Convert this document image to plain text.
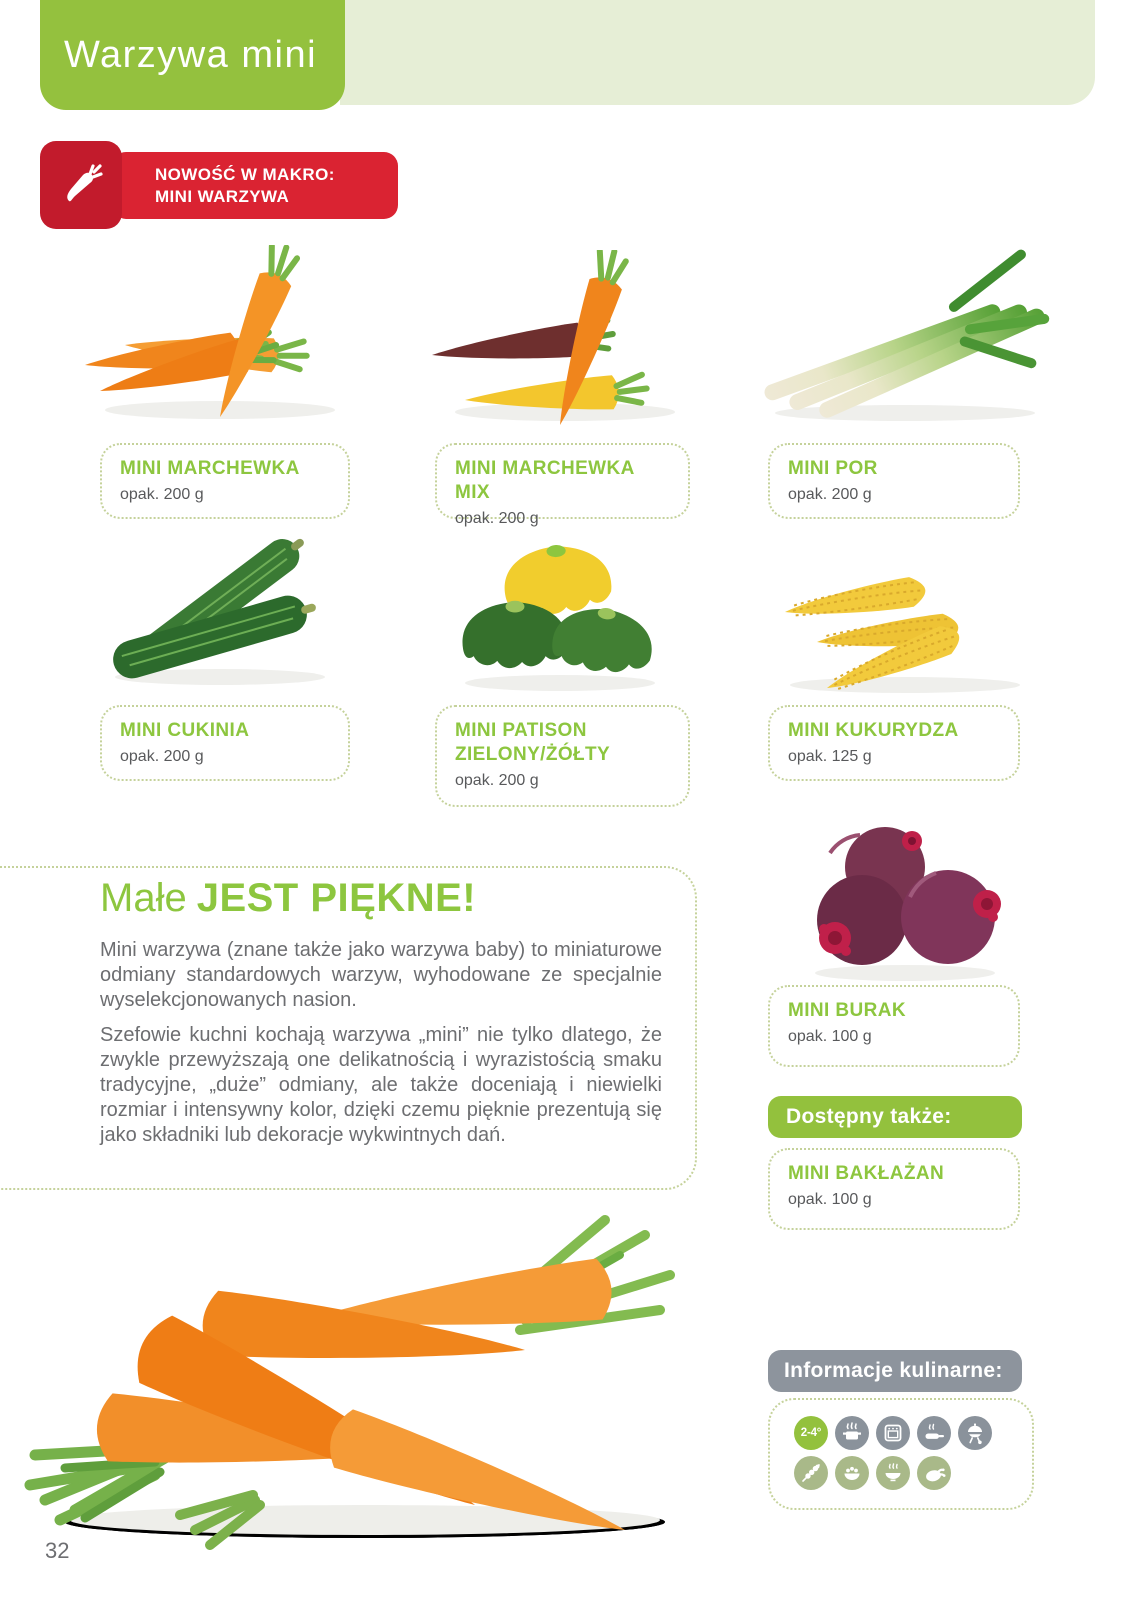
Warzywa mini
NOWOŚĆ W MAKRO:
MINI WARZYWA
MINI MARCHEWKA
opak. 200 g
MINI MARCHEWKA MIX
opak. 200 g
MINI POR
opak. 200 g
MINI CUKINIA
opak. 200 g
MINI PATISON ZIELONY/ŻÓŁTY
opak. 200 g
MINI KUKURYDZA
opak. 125 g
Małe JEST PIĘKNE!

Mini warzywa (znane także jako warzywa baby) to miniaturowe odmiany standardowych warzyw, wyhodowane ze specjalnie wyselekcjonowanych nasion.

Szefowie kuchni kochają warzywa „mini” nie tylko dlatego, że zwykle przewyższają one delikatnością i wyrazistością smaku tradycyjne, „duże” odmiany, ale także doceniają i niewielki rozmiar i intensywny kolor, dzięki czemu pięknie prezentują się jako składniki lub dekoracje wykwintnych dań.

MINI BURAK
opak. 100 g
Dostępny także:
MINI BAKŁAŻAN
opak. 100 g
Informacje kulinarne:
2-4°
32
